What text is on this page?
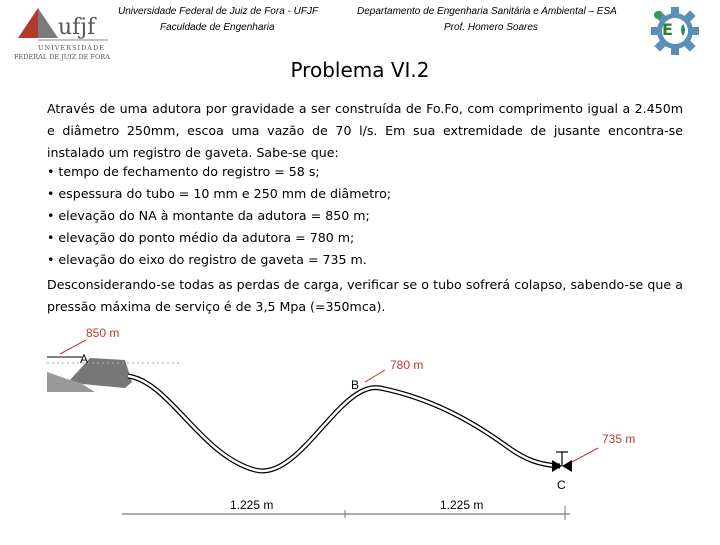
ufjf
UNIVERSIDADE
FEDERAL DE JUIZ DE FORA
Universidade Federal de Juiz de Fora - UFJF
Faculdade de Engenharia
Departamento de Engenharia Sanitária e Ambiental – ESA
Prof. Homero Soares	E
Problema VI.2
Através de uma adutora por gravidade a ser construída de Fo.Fo, com comprimento igual a 2.450m e diâmetro 250mm, escoa uma vazão de 70 l/s. Em sua extremidade de jusante encontra-se instalado um registro de gaveta. Sabe-se que:
• tempo de fechamento do registro = 58 s;
• espessura do tubo = 10 mm e 250 mm de diâmetro;
• elevação do NA à montante da adutora = 850 m;
• elevação do ponto médio da adutora = 780 m;
• elevação do eixo do registro de gaveta = 735 m.
Desconsiderando-se todas as perdas de carga, verificar se o tubo sofrerá colapso, sabendo-se que a pressão máxima de serviço é de 3,5 Mpa (=350mca).
850 m
A	780 m
B
735 m
C
1.225 m	1.225 m
